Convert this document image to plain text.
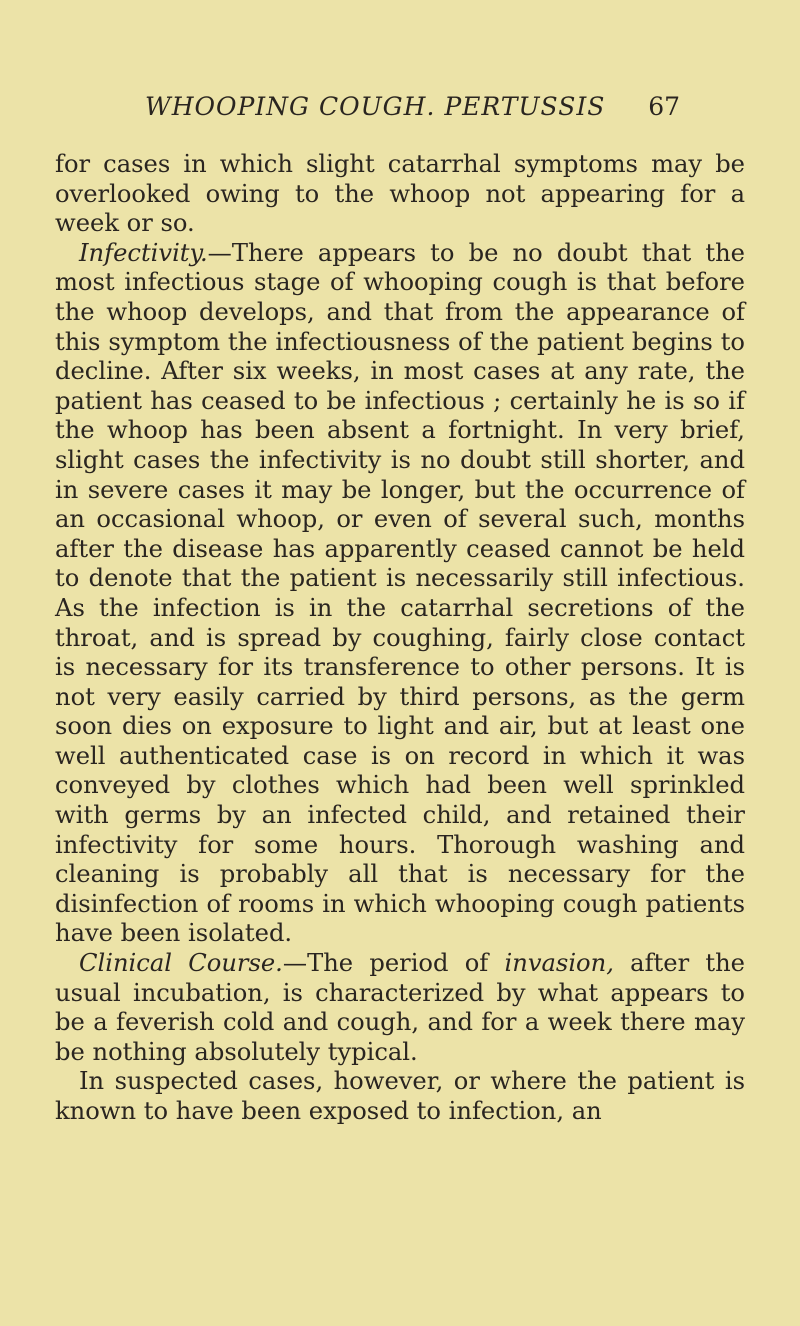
WHOOPING COUGH. PERTUSSIS 67

for cases in which slight catarrhal symptoms may be overlooked owing to the whoop not appearing for a week or so.

Infectivity.—There appears to be no doubt that the most infectious stage of whooping cough is that before the whoop develops, and that from the appearance of this symptom the infectiousness of the patient begins to decline. After six weeks, in most cases at any rate, the patient has ceased to be infectious ; certainly he is so if the whoop has been absent a fortnight. In very brief, slight cases the infectivity is no doubt still shorter, and in severe cases it may be longer, but the occurrence of an occasional whoop, or even of several such, months after the disease has apparently ceased cannot be held to denote that the patient is necessarily still infectious. As the infection is in the catarrhal secretions of the throat, and is spread by coughing, fairly close contact is necessary for its transference to other persons. It is not very easily carried by third persons, as the germ soon dies on exposure to light and air, but at least one well authenticated case is on record in which it was conveyed by clothes which had been well sprinkled with germs by an infected child, and retained their infectivity for some hours. Thorough washing and cleaning is probably all that is necessary for the disinfection of rooms in which whooping cough patients have been isolated.

Clinical Course.—The period of invasion, after the usual incubation, is characterized by what appears to be a feverish cold and cough, and for a week there may be nothing absolutely typical.

In suspected cases, however, or where the patient is known to have been exposed to infection, an
